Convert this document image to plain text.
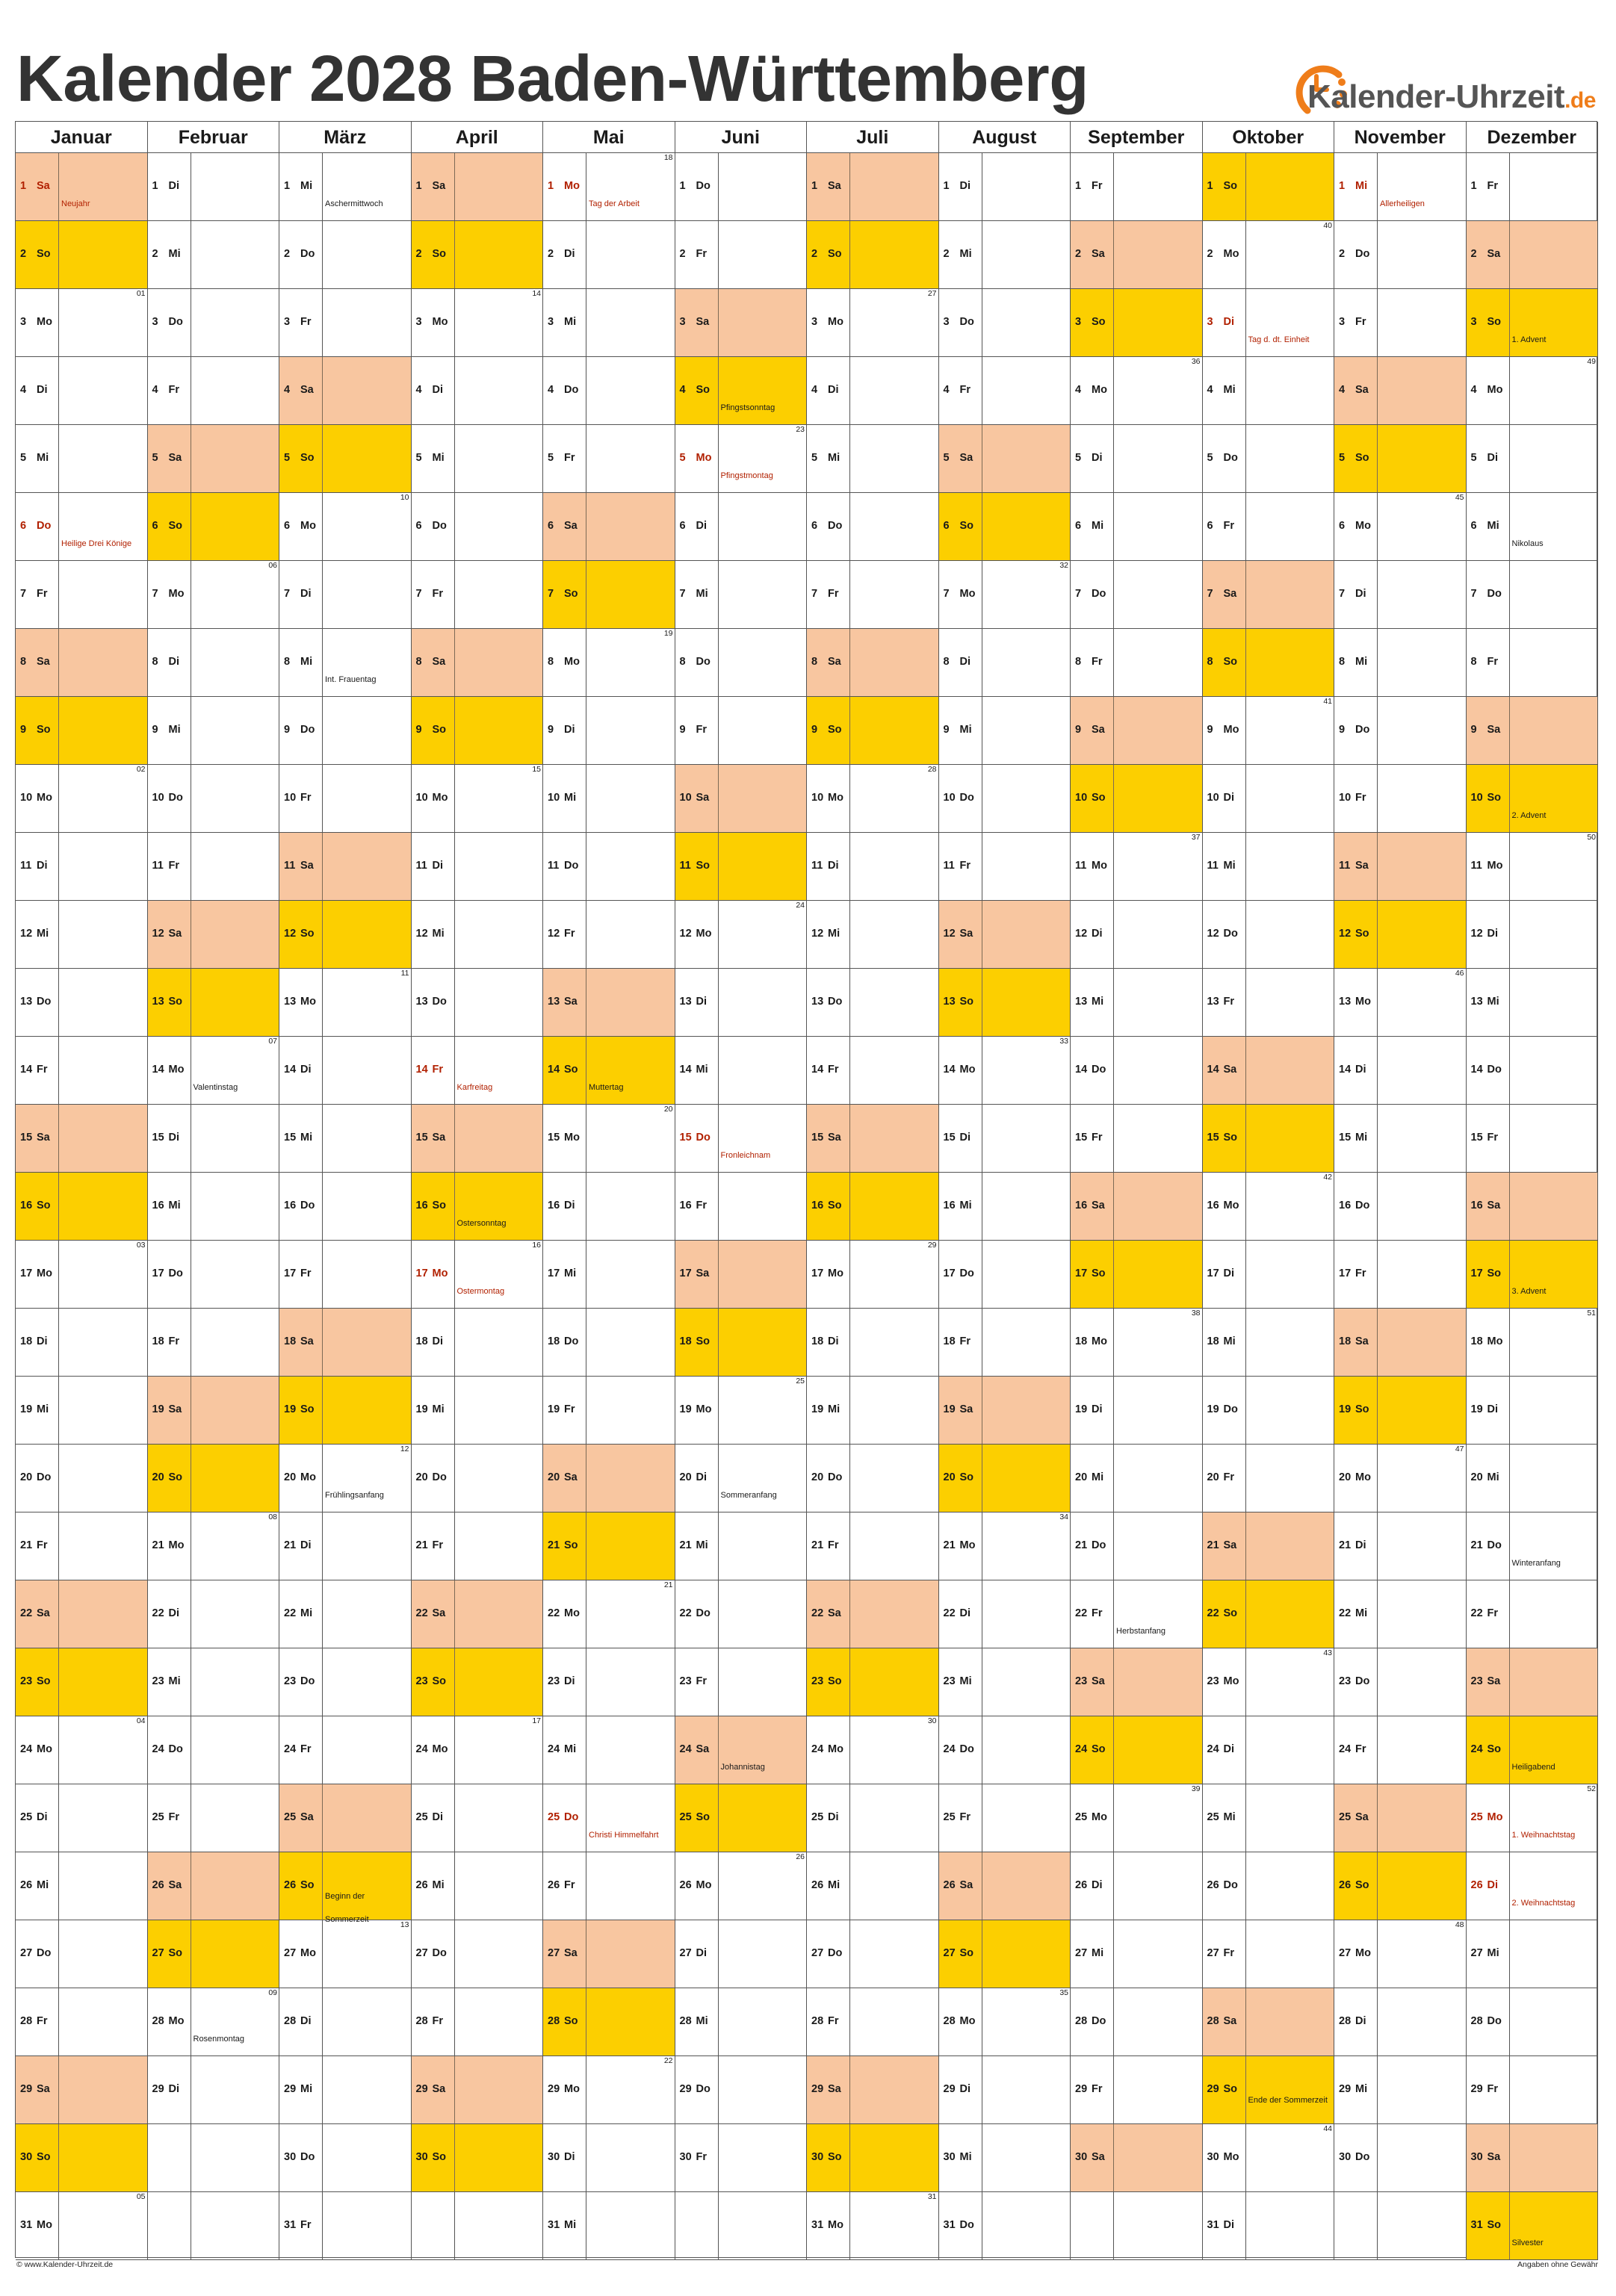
Kalender 2028 Baden-Württemberg	Kalender-Uhrzeit.de
Januar
1 Sa
Neujahr
2 So
3 Mo
01
4 Di
5 Mi
6 Do
Heilige Drei Könige
7 Fr
8 Sa
9 So
10 Mo
02
11 Di
12 Mi
13 Do
14 Fr
15 Sa
16 So
17 Mo
03
18 Di
19 Mi
20 Do
21 Fr
22 Sa
23 So
24 Mo
04
25 Di
26 Mi
27 Do
28 Fr
29 Sa
30 So
31 Mo
05
Februar
1 Di
2 Mi
3 Do
4 Fr
5 Sa
6 So
7 Mo
06
8 Di
9 Mi
10 Do
11 Fr
12 Sa
13 So
14 Mo
Valentinstag
07
15 Di
16 Mi
17 Do
18 Fr
19 Sa
20 So
21 Mo
08
22 Di
23 Mi
24 Do
25 Fr
26 Sa
27 So
28 Mo
Rosenmontag
09
29 Di
März
1 Mi
Aschermittwoch
2 Do
3 Fr
4 Sa
5 So
6 Mo
10
7 Di
8 Mi
Int. Frauentag
9 Do
10 Fr
11 Sa
12 So
13 Mo
11
14 Di
15 Mi
16 Do
17 Fr
18 Sa
19 So
20 Mo
Frühlingsanfang
12
21 Di
22 Mi
23 Do
24 Fr
25 Sa
26 So
Beginn der Sommerzeit
27 Mo
13
28 Di
29 Mi
30 Do
31 Fr
April
1 Sa
2 So
3 Mo
14
4 Di
5 Mi
6 Do
7 Fr
8 Sa
9 So
10 Mo
15
11 Di
12 Mi
13 Do
14 Fr
Karfreitag
15 Sa
16 So
Ostersonntag
17 Mo
Ostermontag
16
18 Di
19 Mi
20 Do
21 Fr
22 Sa
23 So
24 Mo
17
25 Di
26 Mi
27 Do
28 Fr
29 Sa
30 So
Mai
1 Mo
Tag der Arbeit
18
2 Di
3 Mi
4 Do
5 Fr
6 Sa
7 So
8 Mo
19
9 Di
10 Mi
11 Do
12 Fr
13 Sa
14 So
Muttertag
15 Mo
20
16 Di
17 Mi
18 Do
19 Fr
20 Sa
21 So
22 Mo
21
23 Di
24 Mi
25 Do
Christi Himmelfahrt
26 Fr
27 Sa
28 So
29 Mo
22
30 Di
31 Mi
Juni
1 Do
2 Fr
3 Sa
4 So
Pfingstsonntag
5 Mo
Pfingstmontag
23
6 Di
7 Mi
8 Do
9 Fr
10 Sa
11 So
12 Mo
24
13 Di
14 Mi
15 Do
Fronleichnam
16 Fr
17 Sa
18 So
19 Mo
25
20 Di
Sommeranfang
21 Mi
22 Do
23 Fr
24 Sa
Johannistag
25 So
26 Mo
26
27 Di
28 Mi
29 Do
30 Fr
Juli
1 Sa
2 So
3 Mo
27
4 Di
5 Mi
6 Do
7 Fr
8 Sa
9 So
10 Mo
28
11 Di
12 Mi
13 Do
14 Fr
15 Sa
16 So
17 Mo
29
18 Di
19 Mi
20 Do
21 Fr
22 Sa
23 So
24 Mo
30
25 Di
26 Mi
27 Do
28 Fr
29 Sa
30 So
31 Mo
31
August
1 Di
2 Mi
3 Do
4 Fr
5 Sa
6 So
7 Mo
32
8 Di
9 Mi
10 Do
11 Fr
12 Sa
13 So
14 Mo
33
15 Di
16 Mi
17 Do
18 Fr
19 Sa
20 So
21 Mo
34
22 Di
23 Mi
24 Do
25 Fr
26 Sa
27 So
28 Mo
35
29 Di
30 Mi
31 Do
September
1 Fr
2 Sa
3 So
4 Mo
36
5 Di
6 Mi
7 Do
8 Fr
9 Sa
10 So
11 Mo
37
12 Di
13 Mi
14 Do
15 Fr
16 Sa
17 So
18 Mo
38
19 Di
20 Mi
21 Do
22 Fr
Herbstanfang
23 Sa
24 So
25 Mo
39
26 Di
27 Mi
28 Do
29 Fr
30 Sa
Oktober
1 So
2 Mo
40
3 Di
Tag d. dt. Einheit
4 Mi
5 Do
6 Fr
7 Sa
8 So
9 Mo
41
10 Di
11 Mi
12 Do
13 Fr
14 Sa
15 So
16 Mo
42
17 Di
18 Mi
19 Do
20 Fr
21 Sa
22 So
23 Mo
43
24 Di
25 Mi
26 Do
27 Fr
28 Sa
29 So
Ende der Sommerzeit
30 Mo
44
31 Di
November
1 Mi
Allerheiligen
2 Do
3 Fr
4 Sa
5 So
6 Mo
45
7 Di
8 Mi
9 Do
10 Fr
11 Sa
12 So
13 Mo
46
14 Di
15 Mi
16 Do
17 Fr
18 Sa
19 So
20 Mo
47
21 Di
22 Mi
23 Do
24 Fr
25 Sa
26 So
27 Mo
48
28 Di
29 Mi
30 Do
Dezember
1 Fr
2 Sa
3 So
1. Advent
4 Mo
49
5 Di
6 Mi
Nikolaus
7 Do
8 Fr
9 Sa
10 So
2. Advent
11 Mo
50
12 Di
13 Mi
14 Do
15 Fr
16 Sa
17 So
3. Advent
18 Mo
51
19 Di
20 Mi
21 Do
Winteranfang
22 Fr
23 Sa
24 So
Heiligabend
25 Mo
1. Weihnachtstag
52
26 Di
2. Weihnachtstag
27 Mi
28 Do
29 Fr
30 Sa
31 So
Silvester
© www.Kalender-Uhrzeit.de	Angaben ohne Gewähr
